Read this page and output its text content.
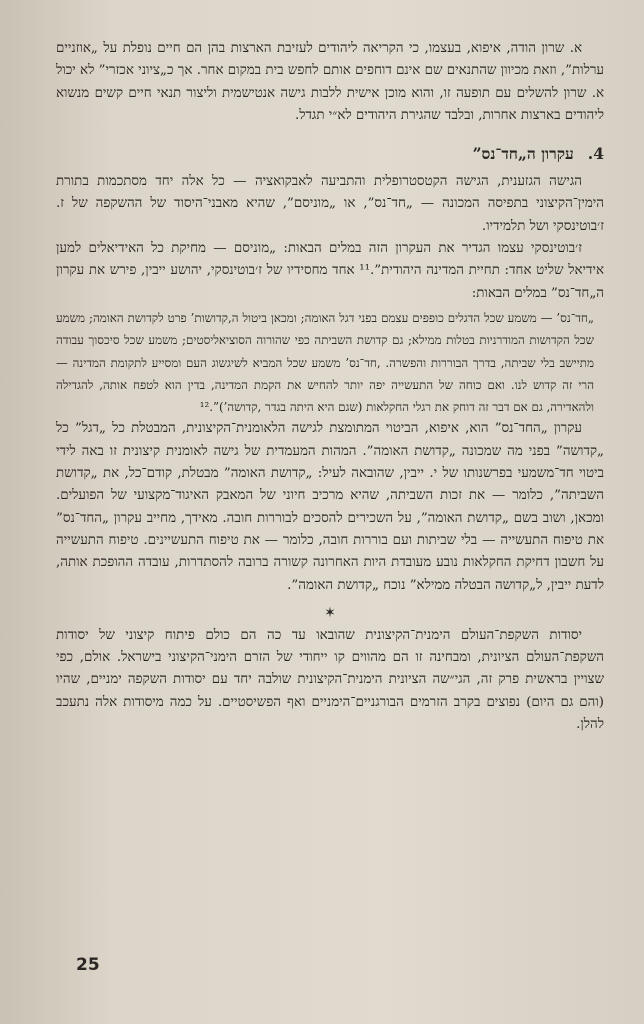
א. שרון הודה, איפוא, בעצמו, כי הקריאה ליהודים לעזיבת הארצות בהן הם חיים נופלת על „אוזניים ערלות”, וזאת מכיוון שהתנאים שם אינם דוחפים אותם לחפש בית במקום אחר. אך כ„ציוני אכזרי” לא יכול א. שרון להשלים עם תופעה זו, והוא מוכן אישית ללבות גישה אנטישמית וליצור תנאי חיים קשים מנשוא ליהודים בארצות אחרות, ובלבד שהגירת היהודים לא״י תגדל.

4.עקרון ה„חד־נס”

הגישה הגזענית, הגישה הקטסטרופלית והתביעה לאבקואציה — כל אלה יחד מסתכמות בתורת הימין־הקיצוני בתפיסה המכונה — „חד־נס”, או „מוניסם”, שהיא מאבני־היסוד של ההשקפה של ז. ז׳בוטינסקי ושל תלמידיו.

ז׳בוטינסקי עצמו הגדיר את העקרון הזה במלים הבאות: „מוניסם — מחיקת כל האידיאלים למען אידיאל שליט אחד: תחיית המדינה היהודית”.¹¹ אחד מחסידיו של ז׳בוטינסקי, יהושע ייבין, פירש את עקרון ה„חד־נס” במלים הבאות:

„חד־נס’ — משמע שכל הדגלים כופפים עצמם בפני דגל האומה; ומכאן ביטול ה,קדושות’ פרט לקדושת האומה; משמע שכל הקדושות המודרניות בטלות ממילא; גם קדושת השביתה כפי שהורוה הסוציאליסטים; משמע שכל סיכסוך עבודה מתיישב בלי שביתה, בדרך הבוררות והפשרה. ,חד־נס’ משמע שכל המביא לשיגשוג העם ומסייע לתקומת המדינה — הרי זה קדוש לנו. ואם כוחה של התעשייה יפה יותר להחיש את הקמת המדינה, בדין הוא לטפח אותה, להגדילה ולהאדירה, גם אם דבר זה דוחק את רגלי החקלאות (שגם היא היתה בגדר ,קדושה’)”.¹²

עקרון „החד־נס” הוא, איפוא, הביטוי המתומצת לגישה הלאומנית־הקיצונית, המבטלת כל „דגל” כל „קדושה” בפני מה שמכונה „קדושת האומה”. המהות המעמדית של גישה לאומנית קיצונית זו באה לידי ביטוי חד־משמעי בפרשנותו של י. ייבין, שהובאה לעיל: „קדושת האומה” מבטלת, קודם־כל, את „קדושת השביתה”, כלומר — את זכות השביתה, שהיא מרכיב חיוני של המאבק האיגוד־מקצועי של הפועלים. ומכאן, ושוב בשם „קדושת האומה”, על השכירים להסכים לבוררות חובה. מאידך, מחייב עקרון „החד־נס” את טיפוח התעשייה — בלי שביתות ועם בוררות חובה, כלומר — את טיפוח התעשיינים. טיפוח התעשייה על חשבון דחיקת החקלאות נובע מעובדת היות האחרונה קשורה ברובה להסתדרות, עובדה ההופכת אותה, לדעת ייבין, ל„קדושה הבטלה ממילא” נוכח „קדושת האומה”.

✶

יסודות השקפת־העולם הימנית־הקיצונית שהובאו עד כה הם כולם פיתוח קיצוני של יסודות השקפת־העולם הציונית, ומבחינה זו הם מהווים קו ייחודי של הזרם הימני־הקיצוני בישראל. אולם, כפי שצויין בראשית פרק זה, הגי״שה הציונית הימנית־הקיצונית שולבה יחד עם יסודות השקפה ימניים, שהיו (והם גם היום) נפוצים בקרב הזרמים הבורגניים־הימניים ואף הפשיסטיים. על כמה מיסודות אלה נתעכב להלן.

25
